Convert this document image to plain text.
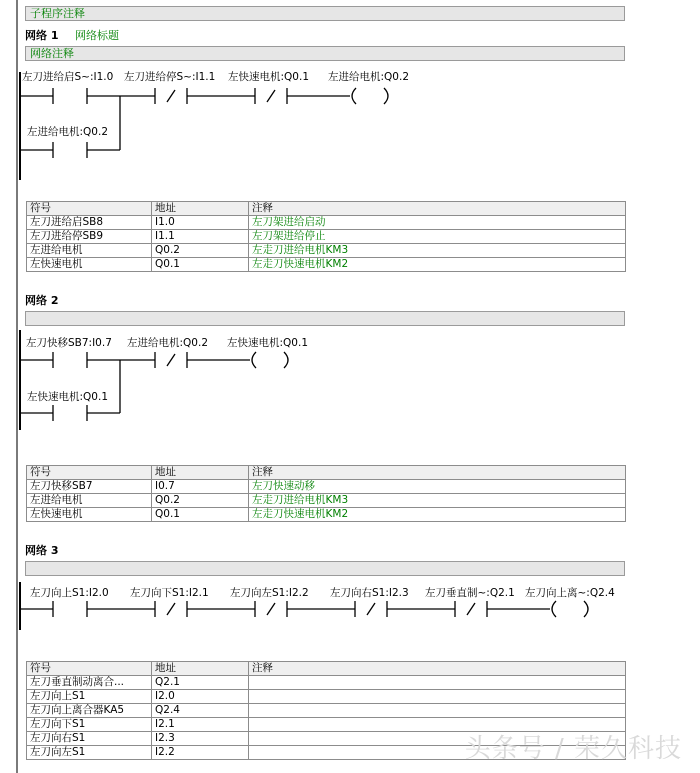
子程序注释
网络 1 网络标题
网络注释
左刀进给启S~:I1.0 左刀进给停S~:I1.1 左快速电机:Q0.1 左进给电机:Q0.2
左进给电机:Q0.2
符号	地址	注释
左刀进给启SB8	I1.0	左刀架进给启动
左刀进给停SB9	I1.1	左刀架进给停止
左进给电机	Q0.2	左走刀进给电机KM3
左快速电机	Q0.1	左走刀快速电机KM2
网络 2
左刀快移SB7:I0.7 左进给电机:Q0.2 左快速电机:Q0.1
左快速电机:Q0.1
符号	地址	注释
左刀快移SB7	I0.7	左刀快速动移
左进给电机	Q0.2	左走刀进给电机KM3
左快速电机	Q0.1	左走刀快速电机KM2
网络 3
左刀向上S1:I2.0 左刀向下S1:I2.1 左刀向左S1:I2.2 左刀向右S1:I2.3 左刀垂直制~:Q2.1 左刀向上离~:Q2.4
符号	地址	注释
左刀垂直制动离合...	Q2.1	
左刀向上S1	I2.0	
左刀向上离合器KA5	Q2.4	
左刀向下S1	I2.1	
左刀向右S1	I2.3	
左刀向左S1	I2.2		头条号 / 荣久科技
